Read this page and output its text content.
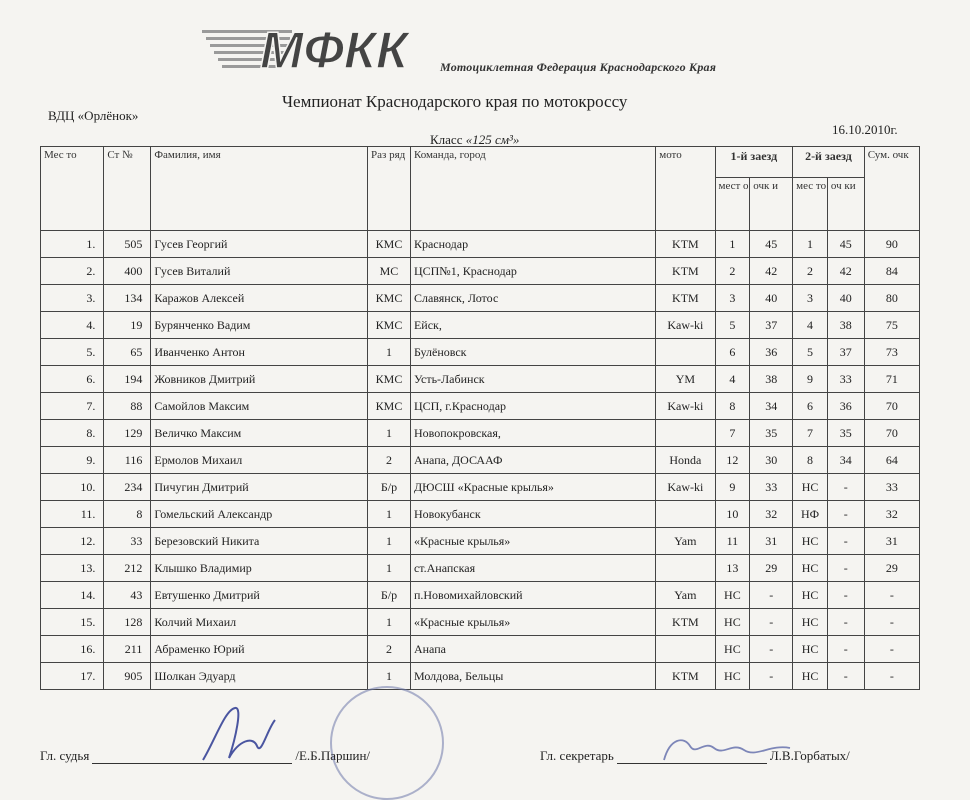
МФКК	Мотоциклетная Федерация Краснодарского Края
Чемпионат Краснодарского края по мотокроссу
ВДЦ «Орлёнок»
16.10.2010г.
Класс «125 см³»
Мес то	Ст №	Фамилия, имя	Раз ряд	Команда, город	мото	1-й заезд		2-й заезд		Сум. очк
						мест о	очк и	мес то	оч ки	
1.	505	Гусев Георгий	КМС	Краснодар	KTM	1	45	1	45	90
2.	400	Гусев Виталий	МС	ЦСП№1, Краснодар	KTM	2	42	2	42	84
3.	134	Каражов Алексей	КМС	Славянск, Лотос	KTM	3	40	3	40	80
4.	19	Бурянченко Вадим	КМС	Ейск,	Kaw-ki	5	37	4	38	75
5.	65	Иванченко Антон	1	Булёновск		6	36	5	37	73
6.	194	Жовников Дмитрий	КМС	Усть-Лабинск	YM	4	38	9	33	71
7.	88	Самойлов Максим	КМС	ЦСП, г.Краснодар	Kaw-ki	8	34	6	36	70
8.	129	Величко Максим	1	Новопокровская,		7	35	7	35	70
9.	116	Ермолов Михаил	2	Анапа, ДОСААФ	Honda	12	30	8	34	64
10.	234	Пичугин Дмитрий	Б/р	ДЮСШ «Красные крылья»	Kaw-ki	9	33	НС	-	33
11.	8	Гомельский Александр	1	Новокубанск		10	32	НФ	-	32
12.	33	Березовский Никита	1	«Красные крылья»	Yam	11	31	НС	-	31
13.	212	Клышко Владимир	1	ст.Анапская		13	29	НС	-	29
14.	43	Евтушенко Дмитрий	Б/р	п.Новомихайловский	Yam	НС	-	НС	-	-
15.	128	Колчий Михаил	1	«Красные крылья»	KTM	НС	-	НС	-	-
16.	211	Абраменко Юрий	2	Анапа		НС	-	НС	-	-
17.	905	Шолкан Эдуард	1	Молдова, Бельцы	KTM	НС	-	НС	-	-
Гл. судья	/Е.Б.Паршин/	Гл. секретарь	Л.В.Горбатых/
